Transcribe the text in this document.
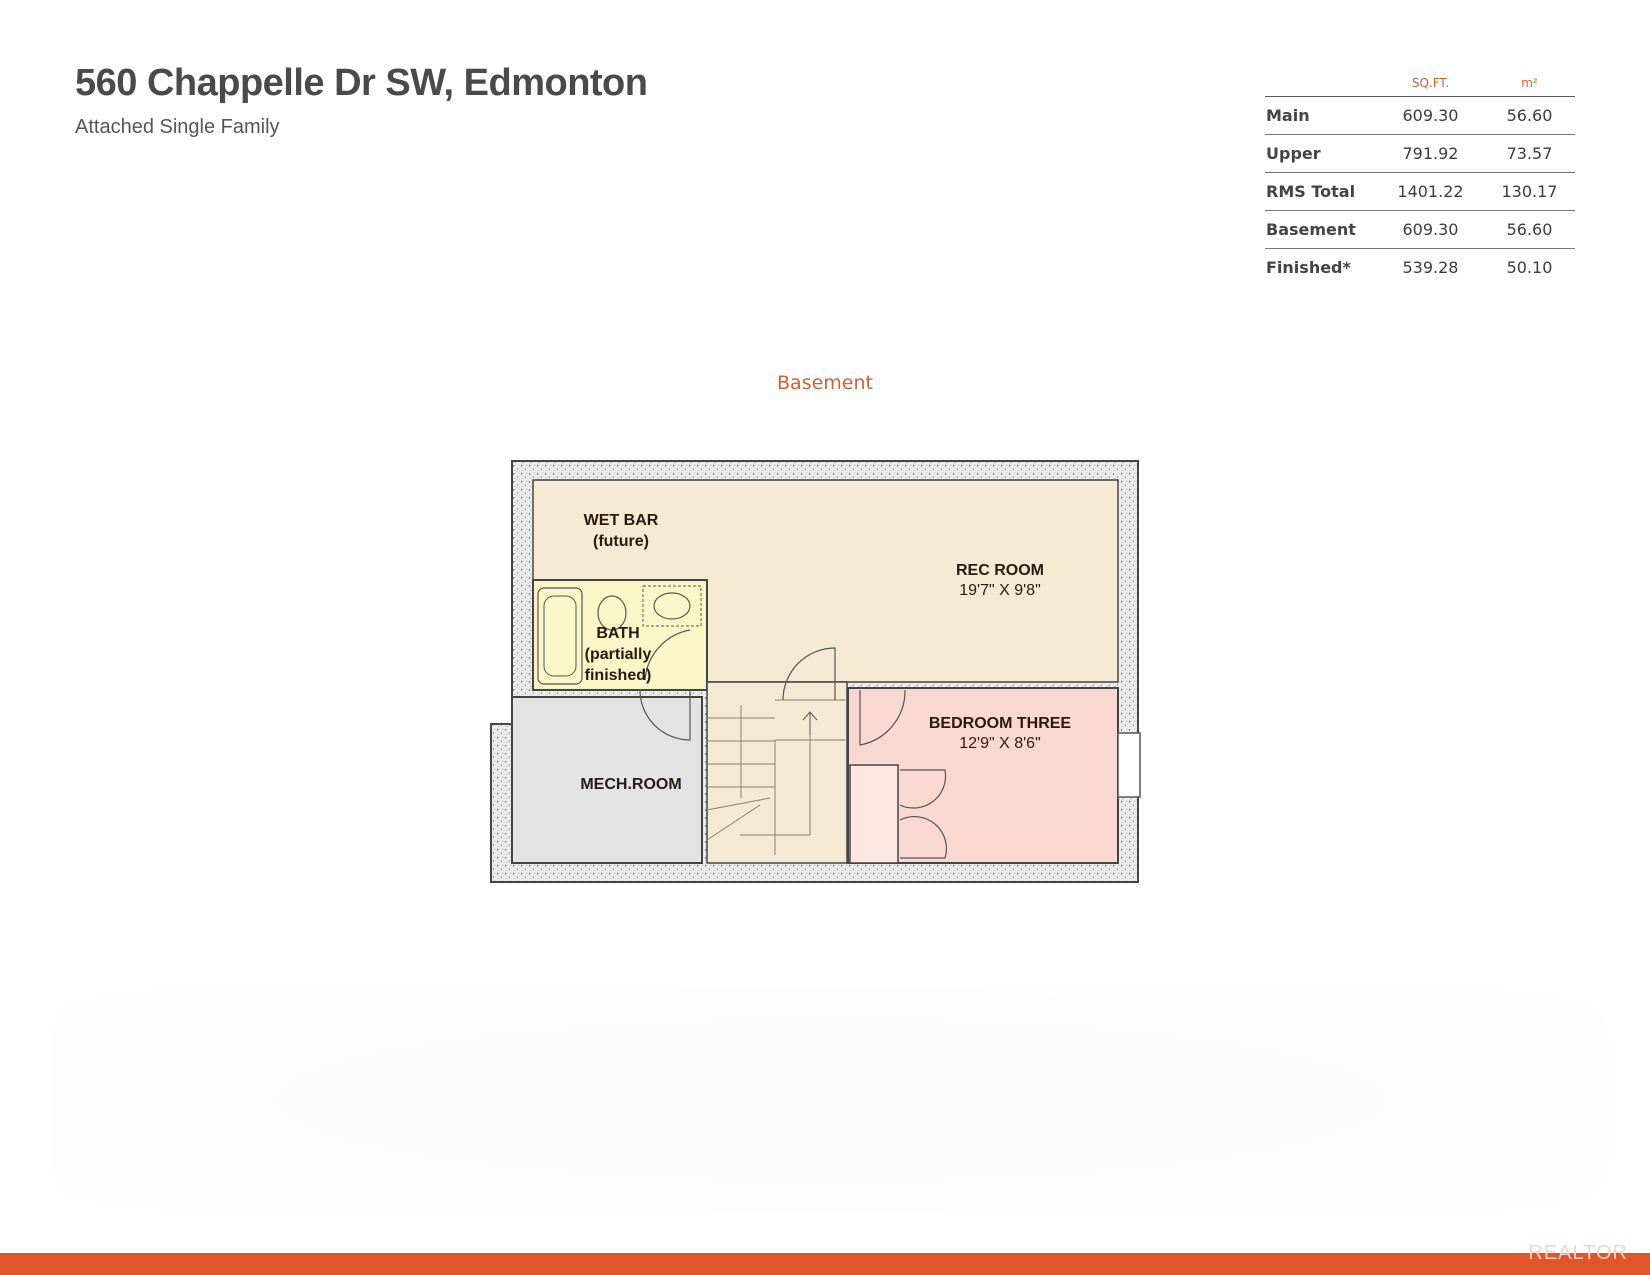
560 Chappelle Dr SW, Edmonton
Attached Single Family
	SQ.FT.	m²
Main	609.30	56.60
Upper	791.92	73.57
RMS Total	1401.22	130.17
Basement	609.30	56.60
Finished*	539.28	50.10
Basement
WET BAR
(future)
REC ROOM
19'7" X 9'8"
BATH
(partially
finished)
MECH.ROOM
BEDROOM THREE
12'9" X 8'6"
REALTOR
